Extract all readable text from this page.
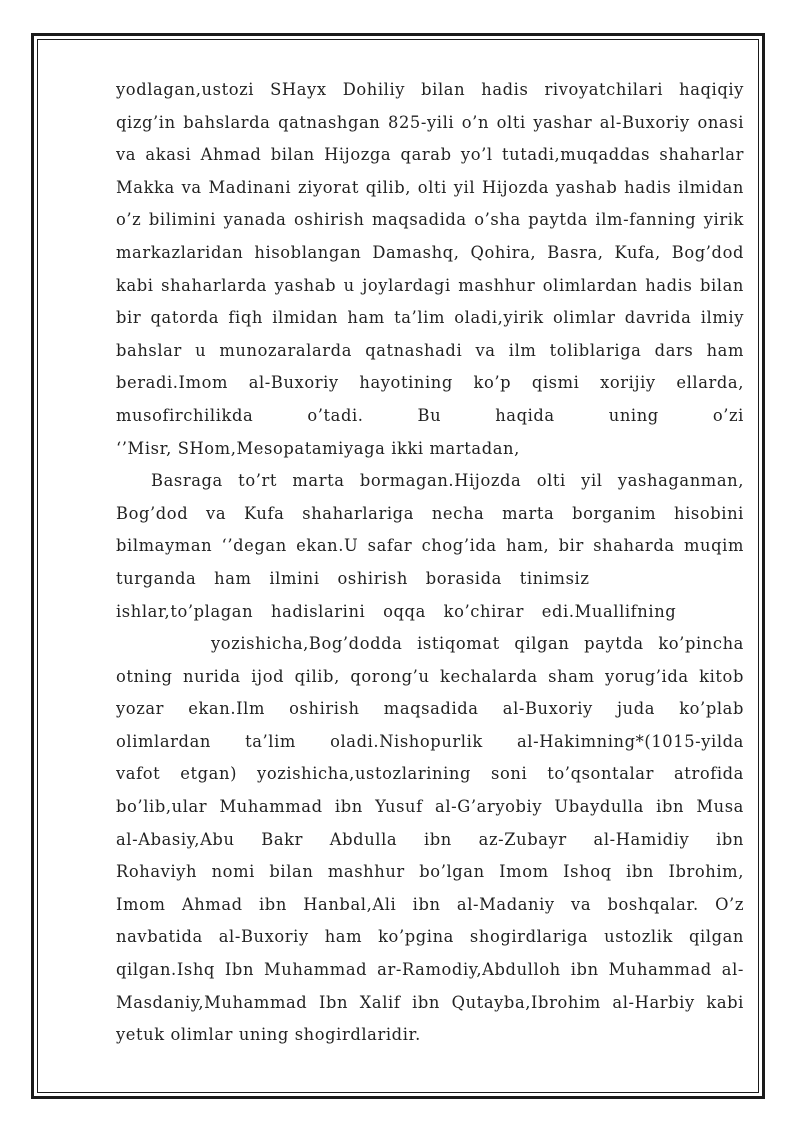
yodlagan,ustozi SHayx Dohiliy bilan hadis rivoyatchilari haqiqiy
qizg’in bahslarda qatnashgan 825-yili o’n olti yashar al-Buxoriy onasi
va akasi Ahmad bilan Hijozga qarab yo’l tutadi,muqaddas shaharlar
Makka va Madinani ziyorat qilib, olti yil Hijozda yashab hadis ilmidan
o’z bilimini yanada oshirish maqsadida o’sha paytda ilm-fanning yirik
markazlaridan hisoblangan Damashq, Qohira, Basra, Kufa, Bog’dod
kabi shaharlarda yashab u joylardagi mashhur olimlardan hadis bilan
bir qatorda fiqh ilmidan ham ta’lim oladi,yirik olimlar davrida ilmiy
bahslar u munozaralarda qatnashadi va ilm toliblariga dars ham
beradi.Imom al-Buxoriy hayotining ko’p qismi xorijiy ellarda,
musofirchilikda o’tadi. Bu haqida uning o’zi
‘’Misr, SHom,Mesopatamiyaga ikki martadan,
Basraga to’rt marta bormagan.Hijozda olti yil yashaganman,
Bog’dod va Kufa shaharlariga necha marta borganim hisobini
bilmayman ‘’degan ekan.U safar chog’ida ham, bir shaharda muqim
turganda ham ilmini oshirish borasida tinimsiz
ishlar,to’plagan hadislarini oqqa ko’chirar edi.Muallifning
yozishicha,Bog’dodda istiqomat qilgan paytda ko’pincha
otning nurida ijod qilib, qorong’u kechalarda sham yorug’ida kitob
yozar ekan.Ilm oshirish maqsadida al-Buxoriy juda ko’plab
olimlardan ta’lim oladi.Nishopurlik al-Hakimning*(1015-yilda
vafot etgan) yozishicha,ustozlarining soni to’qsontalar atrofida
bo’lib,ular Muhammad ibn Yusuf al-G’aryobiy Ubaydulla ibn Musa
al-Abasiy,Abu Bakr Abdulla ibn az-Zubayr al-Hamidiy ibn
Rohaviyh nomi bilan mashhur bo’lgan Imom Ishoq ibn Ibrohim,
Imom Ahmad ibn Hanbal,Ali ibn al-Madaniy va boshqalar. O’z
navbatida al-Buxoriy ham ko’pgina shogirdlariga ustozlik qilgan
qilgan.Ishq Ibn Muhammad ar-Ramodiy,Abdulloh ibn Muhammad al-
Masdaniy,Muhammad Ibn Xalif ibn Qutayba,Ibrohim al-Harbiy kabi
yetuk olimlar uning shogirdlaridir.
